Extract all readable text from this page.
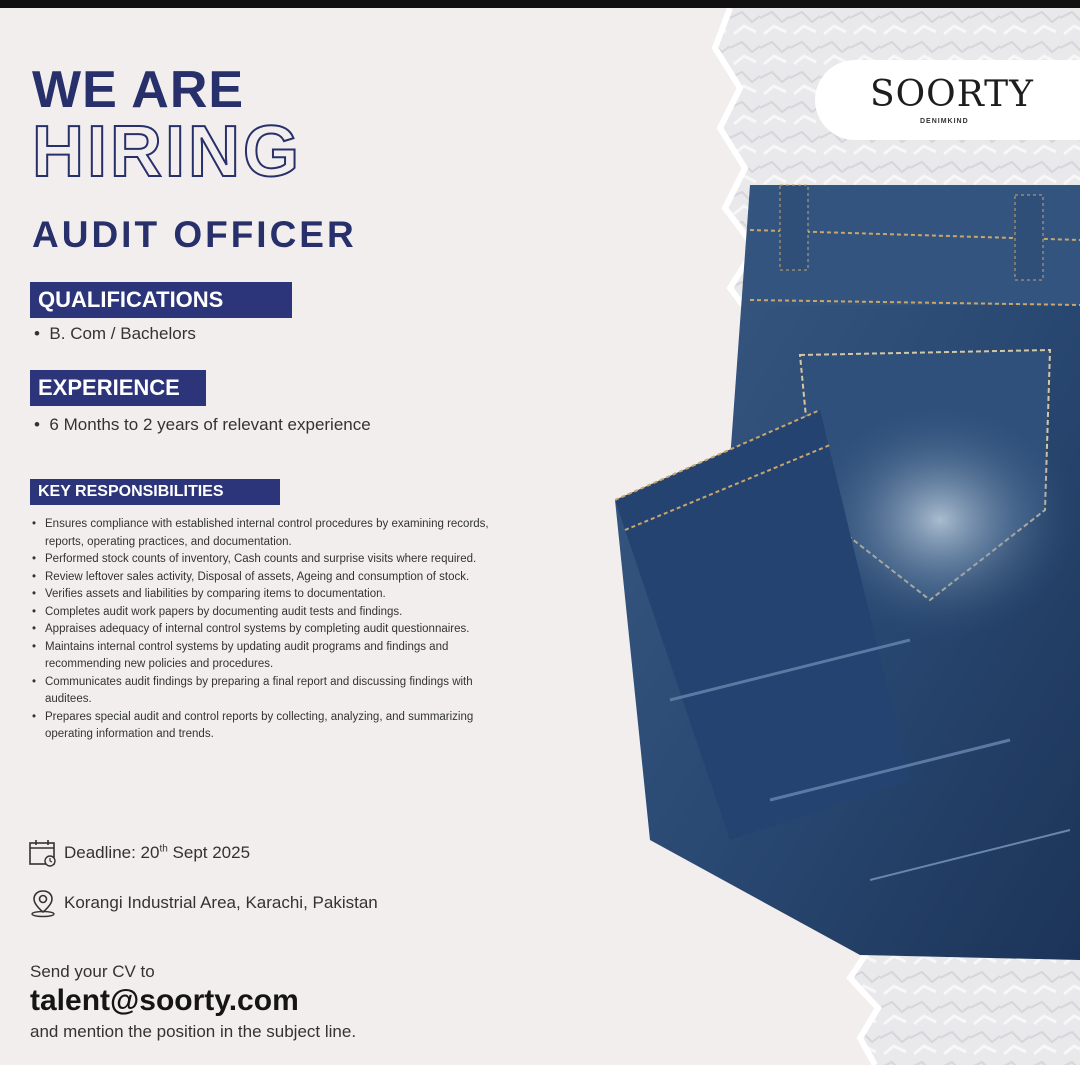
SOORTY
DENIMKIND
WE ARE
HIRING
AUDIT OFFICER
QUALIFICATIONS
•  B. Com / Bachelors
EXPERIENCE
•  6 Months to 2 years of relevant experience
KEY RESPONSIBILITIES
• Ensures compliance with established internal control procedures by examining records, reports, operating practices, and documentation.
• Performed stock counts of inventory, Cash counts and surprise visits where required.
• Review leftover sales activity, Disposal of assets, Ageing and consumption of stock.
• Verifies assets and liabilities by comparing items to documentation.
• Completes audit work papers by documenting audit tests and findings.
• Appraises adequacy of internal control systems by completing audit questionnaires.
• Maintains internal control systems by updating audit programs and findings and recommending new policies and procedures.
• Communicates audit findings by preparing a final report and discussing findings with auditees.
• Prepares special audit and control reports by collecting, analyzing, and summarizing operating information and trends.
Deadline: 20th Sept 2025
Korangi Industrial Area, Karachi, Pakistan
Send your CV to
talent@soorty.com
and mention the position in the subject line.
